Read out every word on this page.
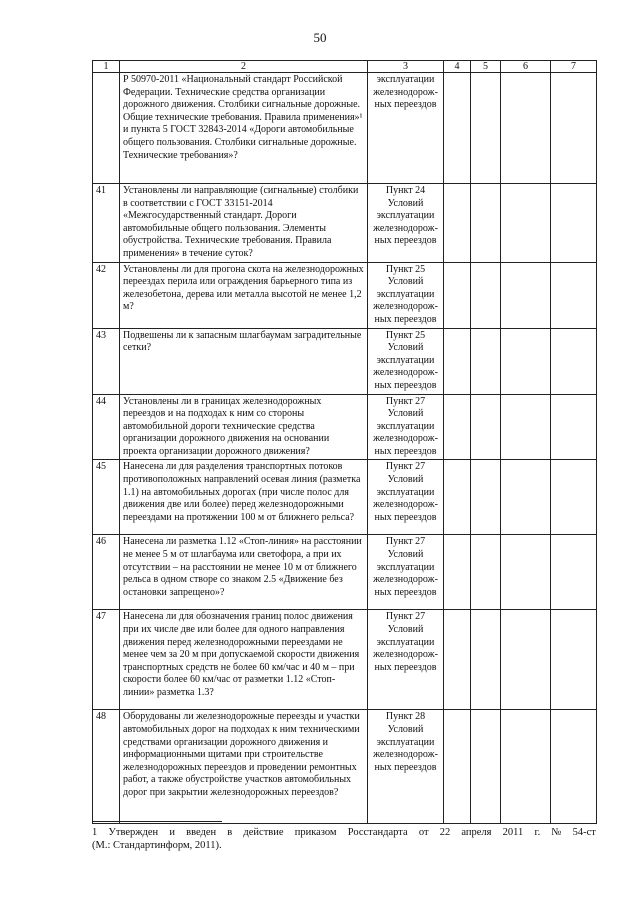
50
1	2	3	4	5	6	7
	Р 50970-2011 «Национальный стандарт Российской Федерации. Технические средства организации дорожного движения. Столбики сигнальные дорожные. Общие технические требования. Правила применения»¹ и пункта 5 ГОСТ 32843-2014 «Дороги автомобильные общего пользования. Столбики сигнальные дорожные. Технические требования»?	эксплуатации железнодорож-ных переездов				
41	Установлены ли направляющие (сигнальные) столбики в соответствии с ГОСТ 33151-2014 «Межгосударственный стандарт. Дороги автомобильные общего пользования. Элементы обустройства. Технические требования. Правила применения» в течение суток?	Пункт 24 Условий эксплуатации железнодорож-ных переездов				
42	Установлены ли для прогона скота на железнодорожных переездах перила или ограждения барьерного типа из железобетона, дерева или металла высотой не менее 1,2 м?	Пункт 25 Условий эксплуатации железнодорож-ных переездов				
43	Подвешены ли к запасным шлагбаумам заградительные сетки?	Пункт 25 Условий эксплуатации железнодорож-ных переездов				
44	Установлены ли в границах железнодорожных переездов и на подходах к ним со стороны автомобильной дороги технические средства организации дорожного движения на основании проекта организации дорожного движения?	Пункт 27 Условий эксплуатации железнодорож-ных переездов				
45	Нанесена ли для разделения транспортных потоков противоположных направлений осевая линия (разметка 1.1) на автомобильных дорогах (при числе полос для движения две или более) перед железнодорожными переездами на протяжении 100 м от ближнего рельса?	Пункт 27 Условий эксплуатации железнодорож-ных переездов				
46	Нанесена ли разметка 1.12 «Стоп-линия» на расстоянии не менее 5 м от шлагбаума или светофора, а при их отсутствии – на расстоянии не менее 10 м от ближнего рельса в одном створе со знаком 2.5 «Движение без остановки запрещено»?	Пункт 27 Условий эксплуатации железнодорож-ных переездов				
47	Нанесена ли для обозначения границ полос движения при их числе две или более для одного направления движения перед железнодорожными переездами не менее чем за 20 м при допускаемой скорости движения транспортных средств не более 60 км/час и 40 м – при скорости более 60 км/час от разметки 1.12 «Стоп-линии» разметка 1.3?	Пункт 27 Условий эксплуатации железнодорож-ных переездов				
48	Оборудованы ли железнодорожные переезды и участки автомобильных дорог на подходах к ним техническими средствами организации дорожного движения и информационными щитами при строительстве железнодорожных переездов и проведении ремонтных работ, а также обустройстве участков автомобильных дорог при закрытии железнодорожных переездов?	Пункт 28 Условий эксплуатации железнодорож-ных переездов				
1 Утвержден и введен в действие приказом Росстандарта от 22 апреля 2011 г. № 54-ст
(М.: Стандартинформ, 2011).
